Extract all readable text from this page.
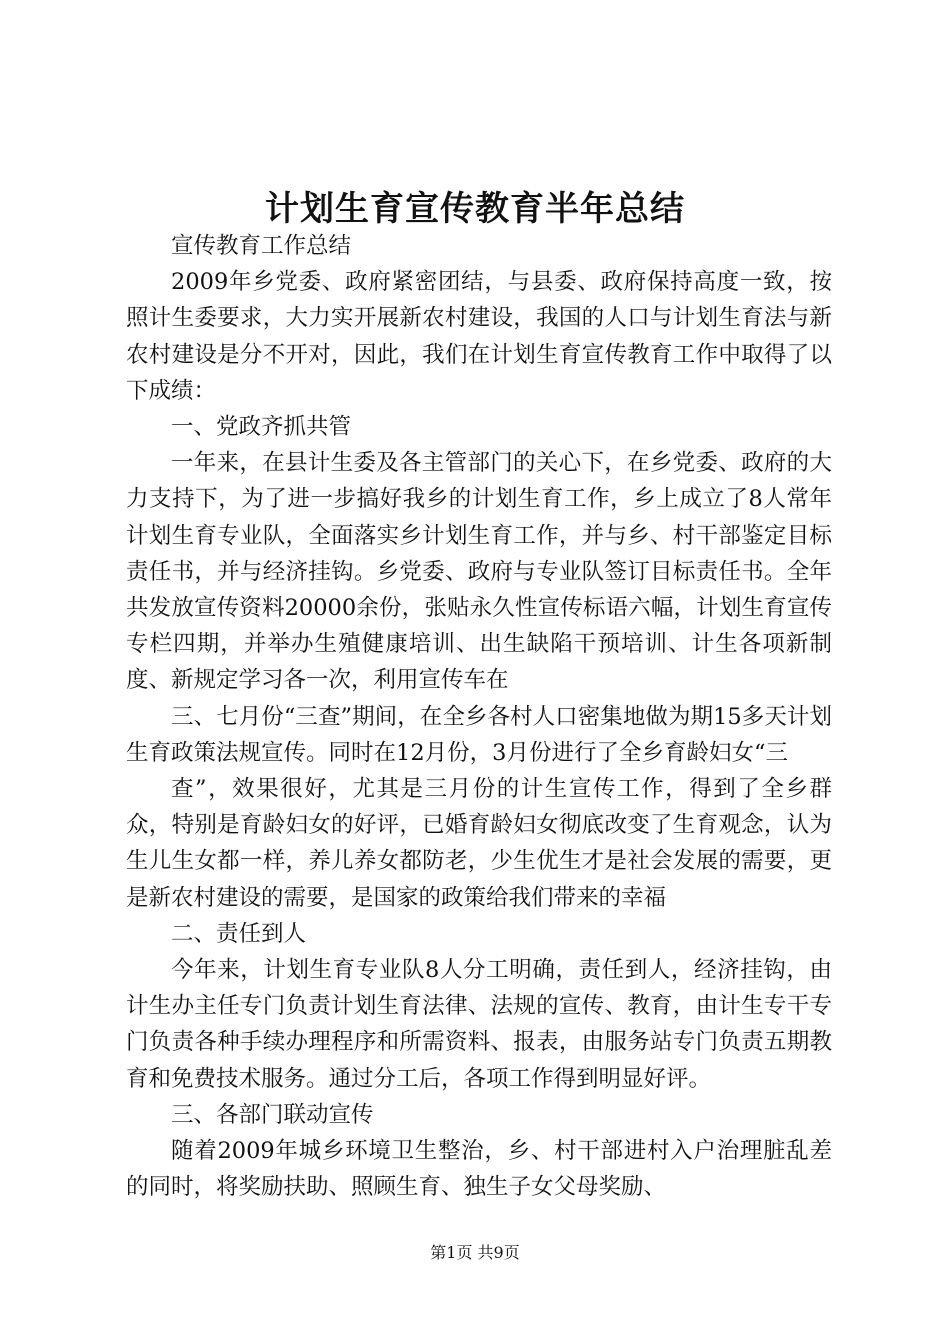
计划生育宣传教育半年总结

宣传教育工作总结

2009年乡党委、政府紧密团结，与县委、政府保持高度一致，按照计生委要求，大力实开展新农村建设，我国的人口与计划生育法与新农村建设是分不开对，因此，我们在计划生育宣传教育工作中取得了以下成绩：

一、党政齐抓共管

一年来，在县计生委及各主管部门的关心下，在乡党委、政府的大力支持下，为了进一步搞好我乡的计划生育工作，乡上成立了8人常年计划生育专业队，全面落实乡计划生育工作，并与乡、村干部鉴定目标责任书，并与经济挂钩。乡党委、政府与专业队签订目标责任书。全年共发放宣传资料20000余份，张贴永久性宣传标语六幅，计划生育宣传专栏四期，并举办生殖健康培训、出生缺陷干预培训、计生各项新制度、新规定学习各一次，利用宣传车在

三、七月份“三查”期间，在全乡各村人口密集地做为期15多天计划生育政策法规宣传。同时在12月份，3月份进行了全乡育龄妇女“三

查”，效果很好，尤其是三月份的计生宣传工作，得到了全乡群众，特别是育龄妇女的好评，已婚育龄妇女彻底改变了生育观念，认为生儿生女都一样，养儿养女都防老，少生优生才是社会发展的需要，更是新农村建设的需要，是国家的政策给我们带来的幸福

二、责任到人

今年来，计划生育专业队8人分工明确，责任到人，经济挂钩，由计生办主任专门负责计划生育法律、法规的宣传、教育，由计生专干专门负责各种手续办理程序和所需资料、报表，由服务站专门负责五期教育和免费技术服务。通过分工后，各项工作得到明显好评。

三、各部门联动宣传

随着2009年城乡环境卫生整治，乡、村干部进村入户治理脏乱差的同时，将奖励扶助、照顾生育、独生子女父母奖励、

第1页 共9页
